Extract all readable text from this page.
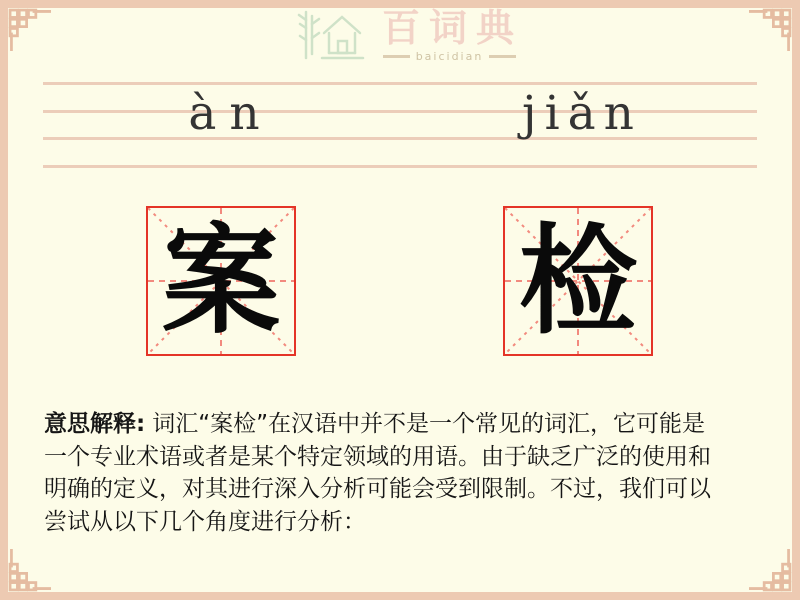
百词典
baicidian
àn	jiǎn
案 检
意思解释: 词汇“案检”在汉语中并不是一个常见的词汇，它可能是
一个专业术语或者是某个特定领域的用语。由于缺乏广泛的使用和
明确的定义，对其进行深入分析可能会受到限制。不过，我们可以
尝试从以下几个角度进行分析：
